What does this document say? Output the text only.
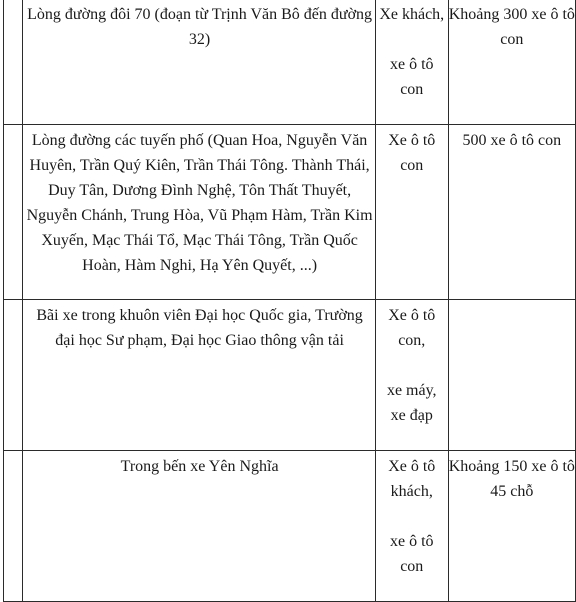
	Lòng đường đôi 70 (đoạn từ Trịnh Văn Bô đến đường 32)	Xe khách,
xe ô tô
con	Khoảng 300 xe ô tô con

	Lòng đường các tuyến phố (Quan Hoa, Nguyễn Văn Huyên, Trần Quý Kiên, Trần Thái Tông. Thành Thái, Duy Tân, Dương Đình Nghệ, Tôn Thất Thuyết, Nguyễn Chánh, Trung Hòa, Vũ Phạm Hàm, Trần Kim Xuyến, Mạc Thái Tổ, Mạc Thái Tông, Trần Quốc Hoàn, Hàm Nghi, Hạ Yên Quyết, ...)	Xe ô tô
con	500 xe ô tô con

	Bãi xe trong khuôn viên Đại học Quốc gia, Trường đại học Sư phạm, Đại học Giao thông vận tải	Xe ô tô
con,
xe máy,
xe đạp	

	Trong bến xe Yên Nghĩa	Xe ô tô
khách,
xe ô tô
con	Khoảng 150 xe ô tô 45 chỗ
